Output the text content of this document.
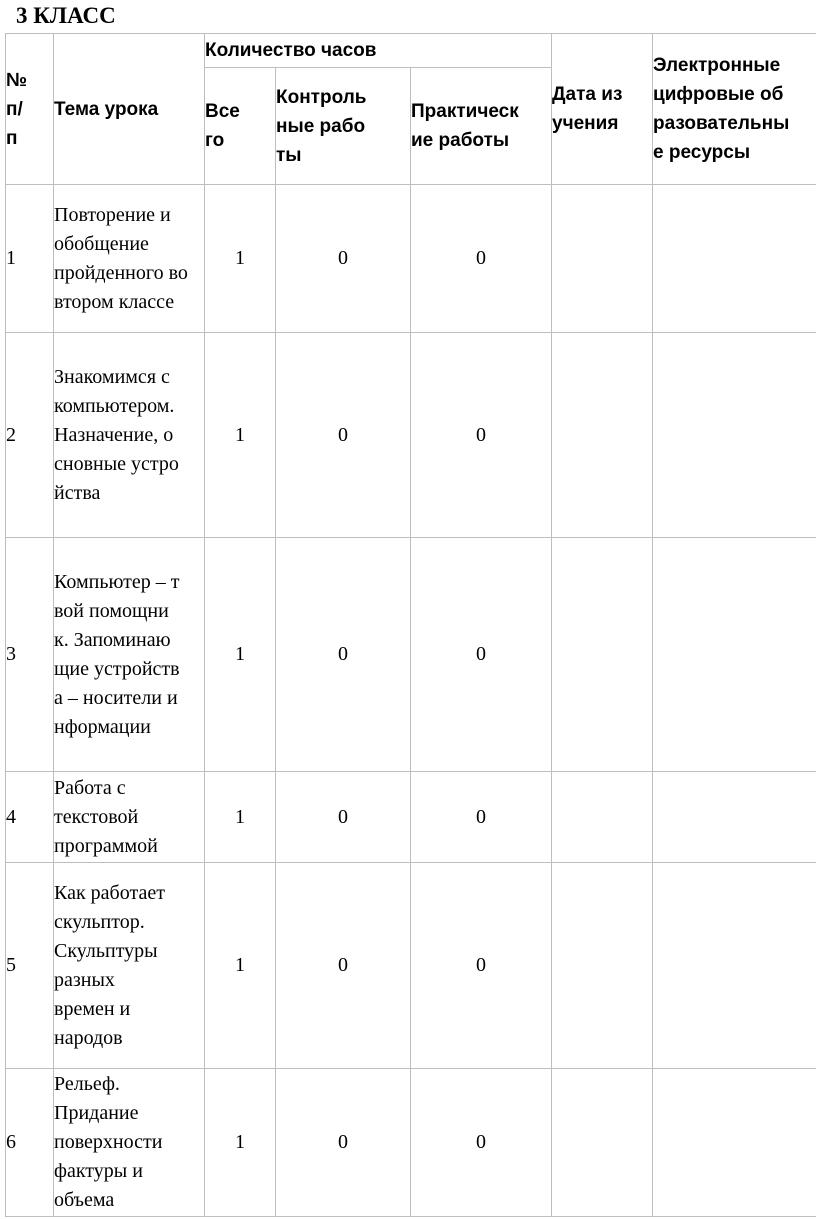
3 КЛАСС
№ п/п	Тема урока	Количество часов			Дата изучения	Электронные цифровые образовательные ресурсы

		Всего	Контрольные работы	Практические работы		

1	Повторение и обобщение пройденного во втором классе	1	0	0		
2	Знакомимся с компьютером. Назначение, основные устройства	1	0	0		
3	Компьютер – твой помощник. Запоминающие устройства – носители информации	1	0	0		
4	Работа с текстовой программой	1	0	0		
5	Как работает скульптор. Скульптуры разных времен и народов	1	0	0		
6	Рельеф. Придание поверхности фактуры и объема	1	0	0		
